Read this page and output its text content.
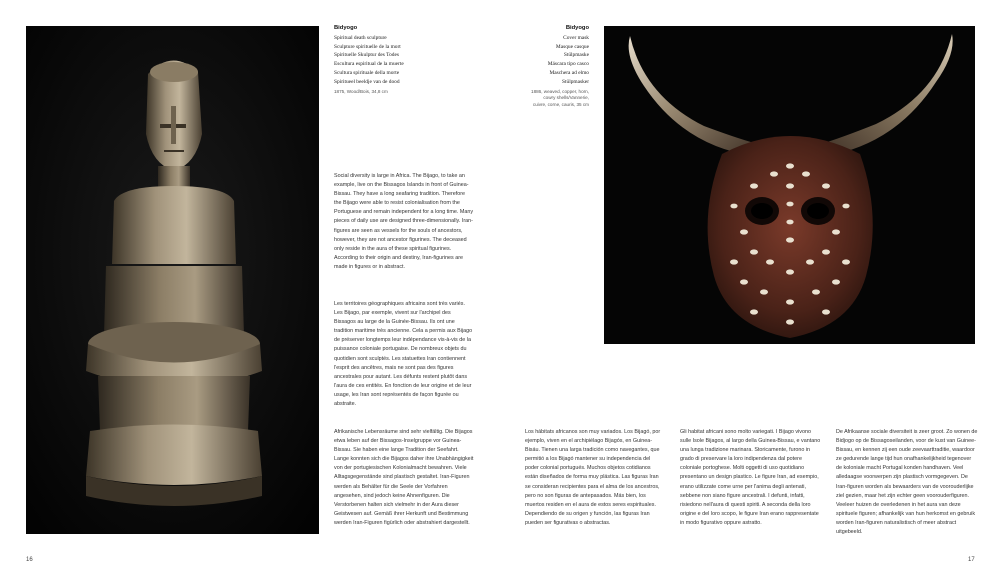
Bidyogo
Spiritual death sculpture
Sculpture spirituelle de la mort
Spirituelle Skulptur des Todes
Escultura espiritual de la muerte
Scultura spirituale della morte
Spiritueel beeldje van de dood
1875, Wood/Bois, 34,8 cm
Bidyogo
Cover mask
Masque casque
Stülpmaske
Máscara tipo casco
Maschera ad elmo
Stülpmasker
1886, weaved, copper, horn,
cowry shells/Vannerie,
cuivre, corne, cauris, 35 cm

Social diversity is large in Africa. The Bijago, to take an example, live on the Bissagos Islands in front of Guinea-Bissau. They have a long seafaring tradition. Therefore the Bijago were able to resist colonialisation from the Portuguese and remain independent for a long time. Many pieces of daily use are designed three-dimensionally. Iran-figures are seen as vessels for the souls of ancestors, however, they are not ancestor figurines. The deceased only reside in the aura of these spiritual figurines. According to their origin and destiny, Iran-figurines are made in figures or in abstract.

Les territoires géographiques africains sont très variés. Les Bijago, par exemple, vivent sur l'archipel des Bissagos au large de la Guinée-Bissau. Ils ont une tradition maritime très ancienne. Cela a permis aux Bijago de préserver longtemps leur indépendance vis-à-vis de la puissance coloniale portugaise. De nombreux objets du quotidien sont sculptés. Les statuettes Iran contiennent l'esprit des ancêtres, mais ne sont pas des figures ancestrales pour autant. Les défunts restent plutôt dans l'aura de ces entités. En fonction de leur origine et de leur usage, les Iran sont représentés de façon figurée ou abstraite.

Afrikanische Lebensräume sind sehr vielfältig. Die Bijagos etwa leben auf der Bissagos-Inselgruppe vor Guinea-Bissau. Sie haben eine lange Tradition der Seefahrt. Lange konnten sich die Bijagos daher ihre Unabhängigkeit von der portugiesischen Kolonialmacht bewahren. Viele Alltagsgegenstände sind plastisch gestaltet. Iran-Figuren werden als Behälter für die Seele der Vorfahren angesehen, sind jedoch keine Ahnenfiguren. Die Verstorbenen halten sich vielmehr in der Aura dieser Geistwesen auf. Gemäß ihrer Herkunft und Bestimmung werden Iran-Figuren figürlich oder abstrahiert dargestellt.

Los hábitats africanos son muy variados. Los Bijagó, por ejemplo, viven en el archipiélago Bijagós, en Guinea-Bisáu. Tienen una larga tradición como navegantes, que permitió a los Bijagó mantener su independencia del poder colonial portugués. Muchos objetos cotidianos están diseñados de forma muy plástica. Las figuras Iran se consideran recipientes para el alma de los ancestros, pero no son figuras de antepasados. Más bien, los muertos residen en el aura de estos seres espirituales. Dependiendo de su origen y función, las figuras Iran pueden ser figurativas o abstractas.

Gli habitat africani sono molto variegati. I Bijago vivono sulle Isole Bijagos, al largo della Guinea-Bissau, e vantano una lunga tradizione marinara. Storicamente, furono in grado di preservare la loro indipendenza dal potere coloniale portoghese. Molti oggetti di uso quotidiano presentano un design plastico. Le figure Iran, ad esempio, erano utilizzate come urne per l'anima degli antenati, sebbene non siano figure ancestrali. I defunti, infatti, risiedono nell'aura di questi spiriti. A seconda della loro origine e del loro scopo, le figure Iran erano rappresentate in modo figurativo oppure astratto.

De Afrikaanse sociale diversiteit is zeer groot. Zo wonen de Bidjogo op de Bissagoseilanden, voor de kust van Guinee-Bissau, en kennen zij een oude zeevaarttraditie, waardoor ze gedurende lange tijd hun onafhankelijkheid tegenover de koloniale macht Portugal konden handhaven. Veel alledaagse voorwerpen zijn plastisch vormgegeven. De Iran-figuren worden als bewaarders van de voorouderlijke ziel gezien, maar het zijn echter geen voorouderfiguren. Veeleer huizen de overledenen in het aura van deze spirituele figuren; afhankelijk van hun herkomst en gebruik worden Iran-figuren naturalistisch of meer abstract uitgebeeld.

16	17
